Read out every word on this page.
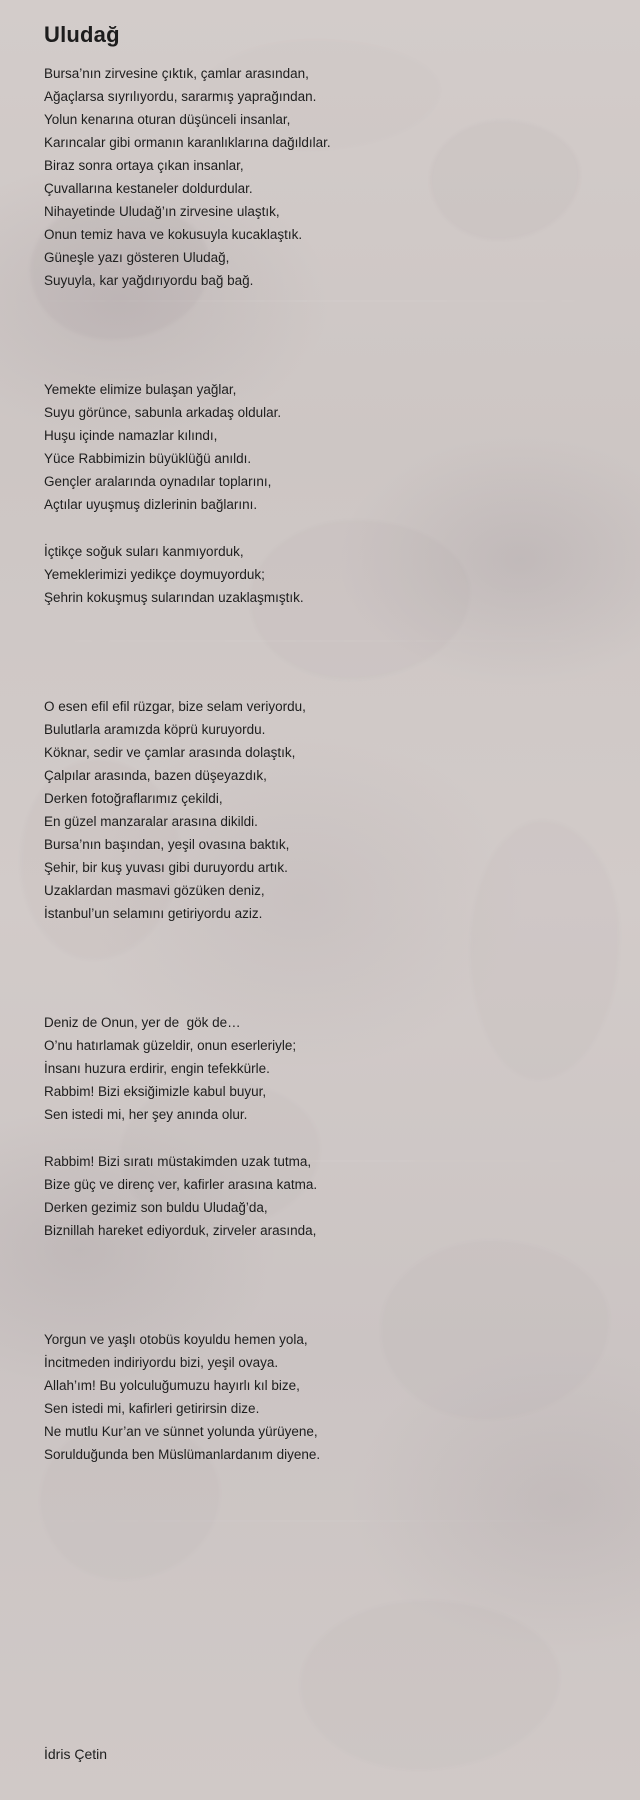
Uludağ
Bursa’nın zirvesine çıktık, çamlar arasından,
Ağaçlarsa sıyrılıyordu, sararmış yaprağından.
Yolun kenarına oturan düşünceli insanlar,
Karıncalar gibi ormanın karanlıklarına dağıldılar.
Biraz sonra ortaya çıkan insanlar,
Çuvallarına kestaneler doldurdular.
Nihayetinde Uludağ’ın zirvesine ulaştık,
Onun temiz hava ve kokusuyla kucaklaştık.
Güneşle yazı gösteren Uludağ,
Suyuyla, kar yağdırıyordu bağ bağ.
Yemekte elimize bulaşan yağlar,
Suyu görünce, sabunla arkadaş oldular.
Huşu içinde namazlar kılındı,
Yüce Rabbimizin büyüklüğü anıldı.
Gençler aralarında oynadılar toplarını,
Açtılar uyuşmuş dizlerinin bağlarını.
İçtikçe soğuk suları kanmıyorduk,
Yemeklerimizi yedikçe doymuyorduk;
Şehrin kokuşmuş sularından uzaklaşmıştık.
O esen efil efil rüzgar, bize selam veriyordu,
Bulutlarla aramızda köprü kuruyordu.
Köknar, sedir ve çamlar arasında dolaştık,
Çalpılar arasında, bazen düşeyazdık,
Derken fotoğraflarımız çekildi,
En güzel manzaralar arasına dikildi.
Bursa’nın başından, yeşil ovasına baktık,
Şehir, bir kuş yuvası gibi duruyordu artık.
Uzaklardan masmavi gözüken deniz,
İstanbul’un selamını getiriyordu aziz.
Deniz de Onun, yer de  gök de…
O’nu hatırlamak güzeldir, onun eserleriyle;
İnsanı huzura erdirir, engin tefekkürle.
Rabbim! Bizi eksiğimizle kabul buyur,
Sen istedi mi, her şey anında olur.
Rabbim! Bizi sıratı müstakimden uzak tutma,
Bize güç ve direnç ver, kafirler arasına katma.
Derken gezimiz son buldu Uludağ’da,
Biznillah hareket ediyorduk, zirveler arasında,
Yorgun ve yaşlı otobüs koyuldu hemen yola,
İncitmeden indiriyordu bizi, yeşil ovaya.
Allah’ım! Bu yolculuğumuzu hayırlı kıl bize,
Sen istedi mi, kafirleri getirirsin dize.
Ne mutlu Kur’an ve sünnet yolunda yürüyene,
Sorulduğunda ben Müslümanlardanım diyene.
İdris Çetin
